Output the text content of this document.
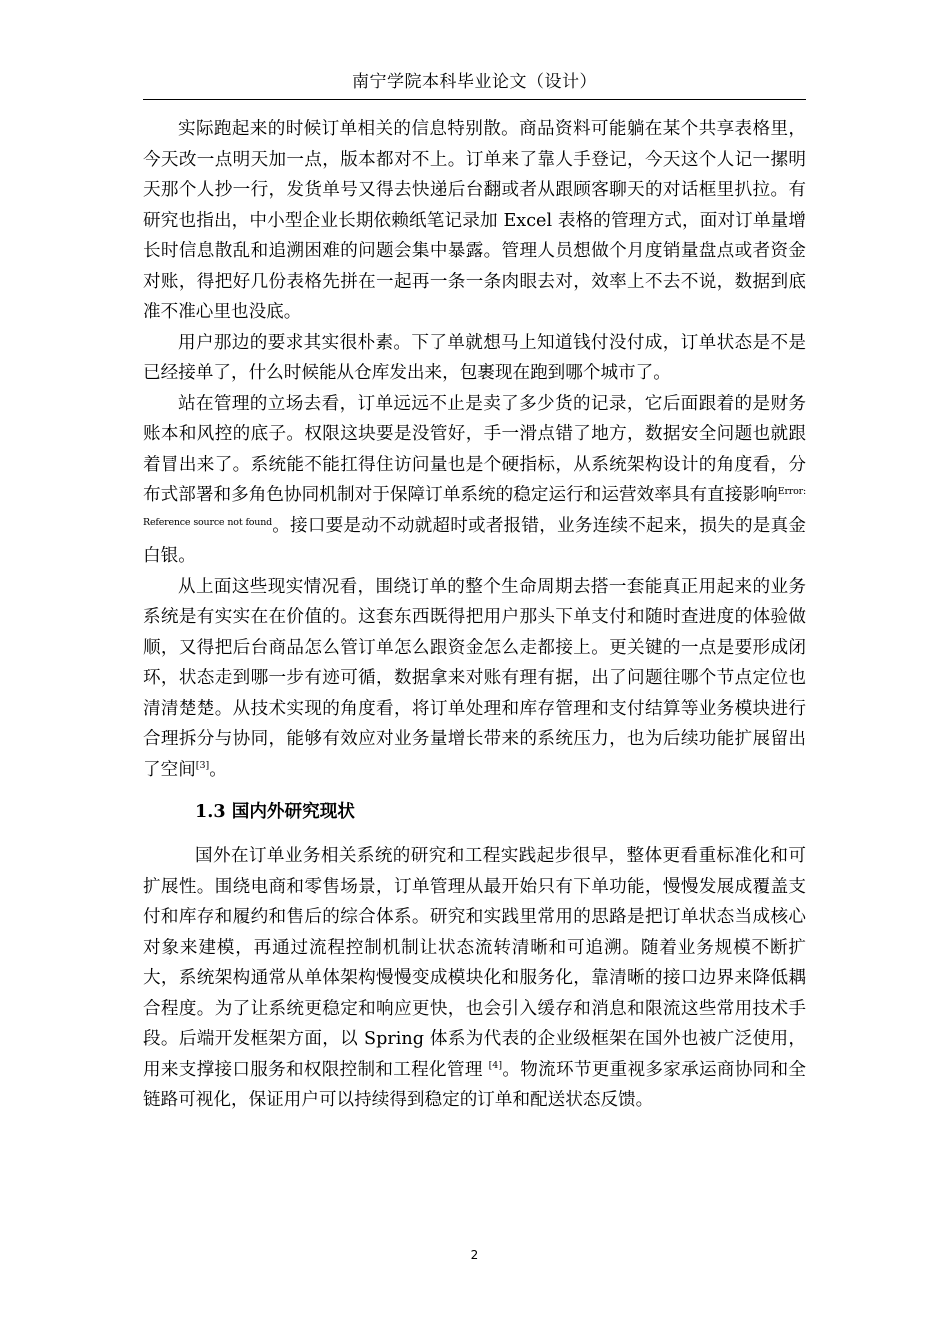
南宁学院本科毕业论文（设计）

实际跑起来的时候订单相关的信息特别散。商品资料可能躺在某个共享表格里，今天改一点明天加一点，版本都对不上。订单来了靠人手登记，今天这个人记一摞明天那个人抄一行，发货单号又得去快递后台翻或者从跟顾客聊天的对话框里扒拉。有研究也指出，中小型企业长期依赖纸笔记录加 Excel 表格的管理方式，面对订单量增长时信息散乱和追溯困难的问题会集中暴露。管理人员想做个月度销量盘点或者资金对账，得把好几份表格先拼在一起再一条一条肉眼去对，效率上不去不说，数据到底准不准心里也没底。

用户那边的要求其实很朴素。下了单就想马上知道钱付没付成，订单状态是不是已经接单了，什么时候能从仓库发出来，包裹现在跑到哪个城市了。

站在管理的立场去看，订单远远不止是卖了多少货的记录，它后面跟着的是财务账本和风控的底子。权限这块要是没管好，手一滑点错了地方，数据安全问题也就跟着冒出来了。系统能不能扛得住访问量也是个硬指标，从系统架构设计的角度看，分布式部署和多角色协同机制对于保障订单系统的稳定运行和运营效率具有直接影响$^{Error: Reference source not found}$。接口要是动不动就超时或者报错，业务连续不起来，损失的是真金白银。

从上面这些现实情况看，围绕订单的整个生命周期去搭一套能真正用起来的业务系统是有实实在在价值的。这套东西既得把用户那头下单支付和随时查进度的体验做顺，又得把后台商品怎么管订单怎么跟资金怎么走都接上。更关键的一点是要形成闭环，状态走到哪一步有迹可循，数据拿来对账有理有据，出了问题往哪个节点定位也清清楚楚。从技术实现的角度看，将订单处理和库存管理和支付结算等业务模块进行合理拆分与协同，能够有效应对业务量增长带来的系统压力，也为后续功能扩展留出了空间[3]。

1.3 国内外研究现状

国外在订单业务相关系统的研究和工程实践起步很早，整体更看重标准化和可扩展性。围绕电商和零售场景，订单管理从最开始只有下单功能，慢慢发展成覆盖支付和库存和履约和售后的综合体系。研究和实践里常用的思路是把订单状态当成核心对象来建模，再通过流程控制机制让状态流转清晰和可追溯。随着业务规模不断扩大，系统架构通常从单体架构慢慢变成模块化和服务化，靠清晰的接口边界来降低耦合程度。为了让系统更稳定和响应更快，也会引入缓存和消息和限流这些常用技术手段。后端开发框架方面，以 Spring 体系为代表的企业级框架在国外也被广泛使用，用来支撑接口服务和权限控制和工程化管理 [4]。物流环节更重视多家承运商协同和全链路可视化，保证用户可以持续得到稳定的订单和配送状态反馈。

2
